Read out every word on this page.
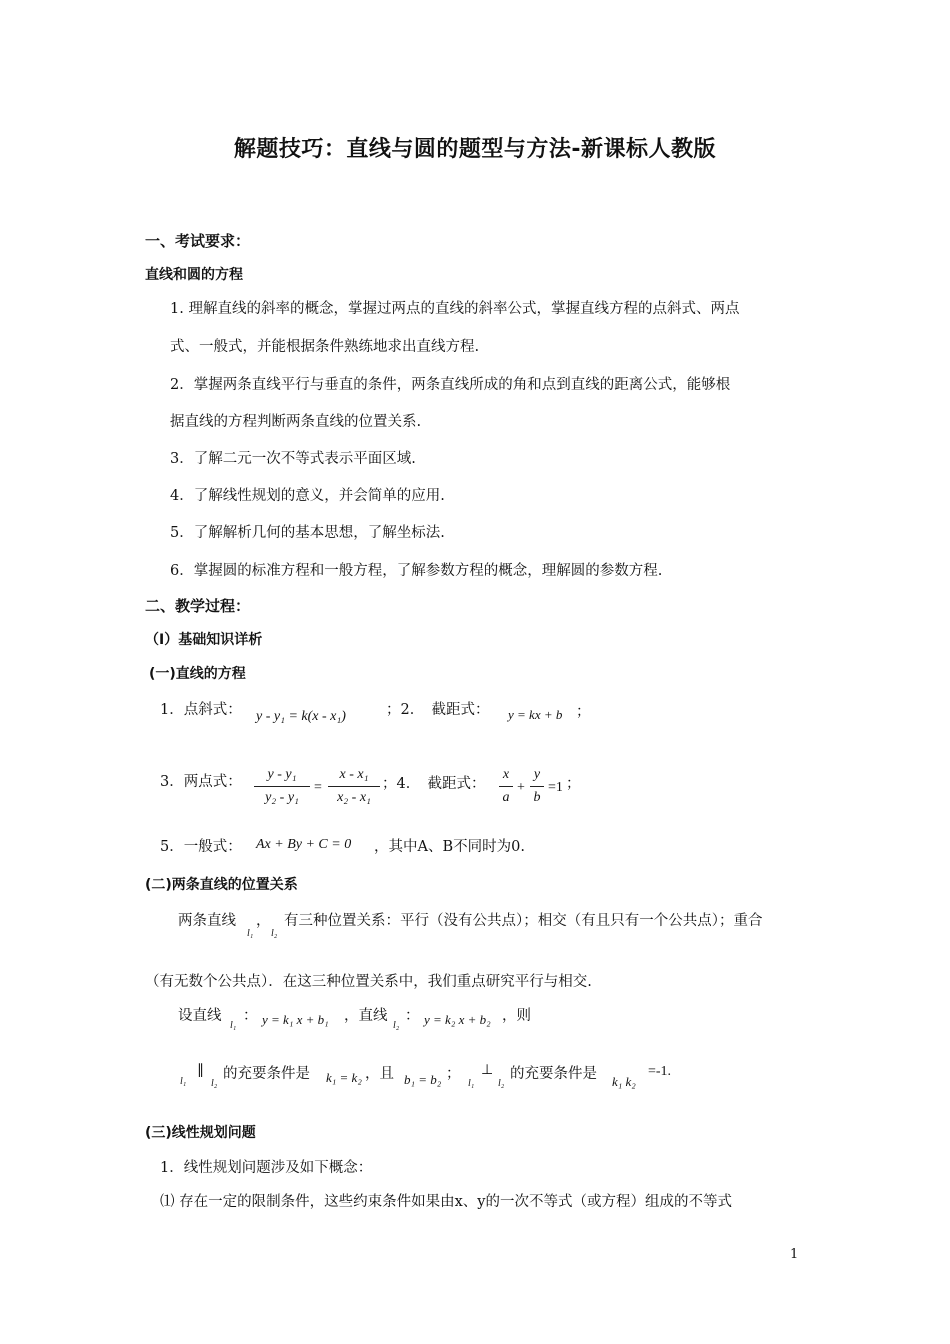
解题技巧：直线与圆的题型与方法-新课标人教版
一、考试要求：
直线和圆的方程
1. 理解直线的斜率的概念，掌握过两点的直线的斜率公式，掌握直线方程的点斜式、两点
式、一般式，并能根据条件熟练地求出直线方程.
2．掌握两条直线平行与垂直的条件，两条直线所成的角和点到直线的距离公式，能够根
据直线的方程判断两条直线的位置关系.
3．了解二元一次不等式表示平面区域.
4．了解线性规划的意义，并会简单的应用.
5．了解解析几何的基本思想，了解坐标法.
6．掌握圆的标准方程和一般方程，了解参数方程的概念，理解圆的参数方程.
二、教学过程：
（Ⅰ）基础知识详析
(一)直线的方程
1．点斜式： y - y₁ = k(x - x₁)	；2．　截距式： y = kx + b ；
3．两点式：	y - y₁
y₂ - y₁
=
x - x₁
x₂ - x₁
；4．　截距式：
x
a
+
y
b
=1 ；
5．一般式： Ax + By + C = 0 ，其中A、B不同时为0.
(二)两条直线的位置关系
两条直线
l₁
，
l₂
有三种位置关系：平行（没有公共点）；相交（有且只有一个公共点）；重合
（有无数个公共点）．在这三种位置关系中，我们重点研究平行与相交.
设直线
l₁
： y = k₁ x + b₁ ，直线
l₂
： y = k₂ x + b₂ ，则
l₁
∥
l₂
的充要条件是 k₁ = k₂ ，且 b₁ = b₂ ；
l₁
⊥
l₂
的充要条件是 k₁ k₂
=-1.
(三)线性规划问题
1．线性规划问题涉及如下概念：
⑴ 存在一定的限制条件，这些约束条件如果由x、y的一次不等式（或方程）组成的不等式
1
